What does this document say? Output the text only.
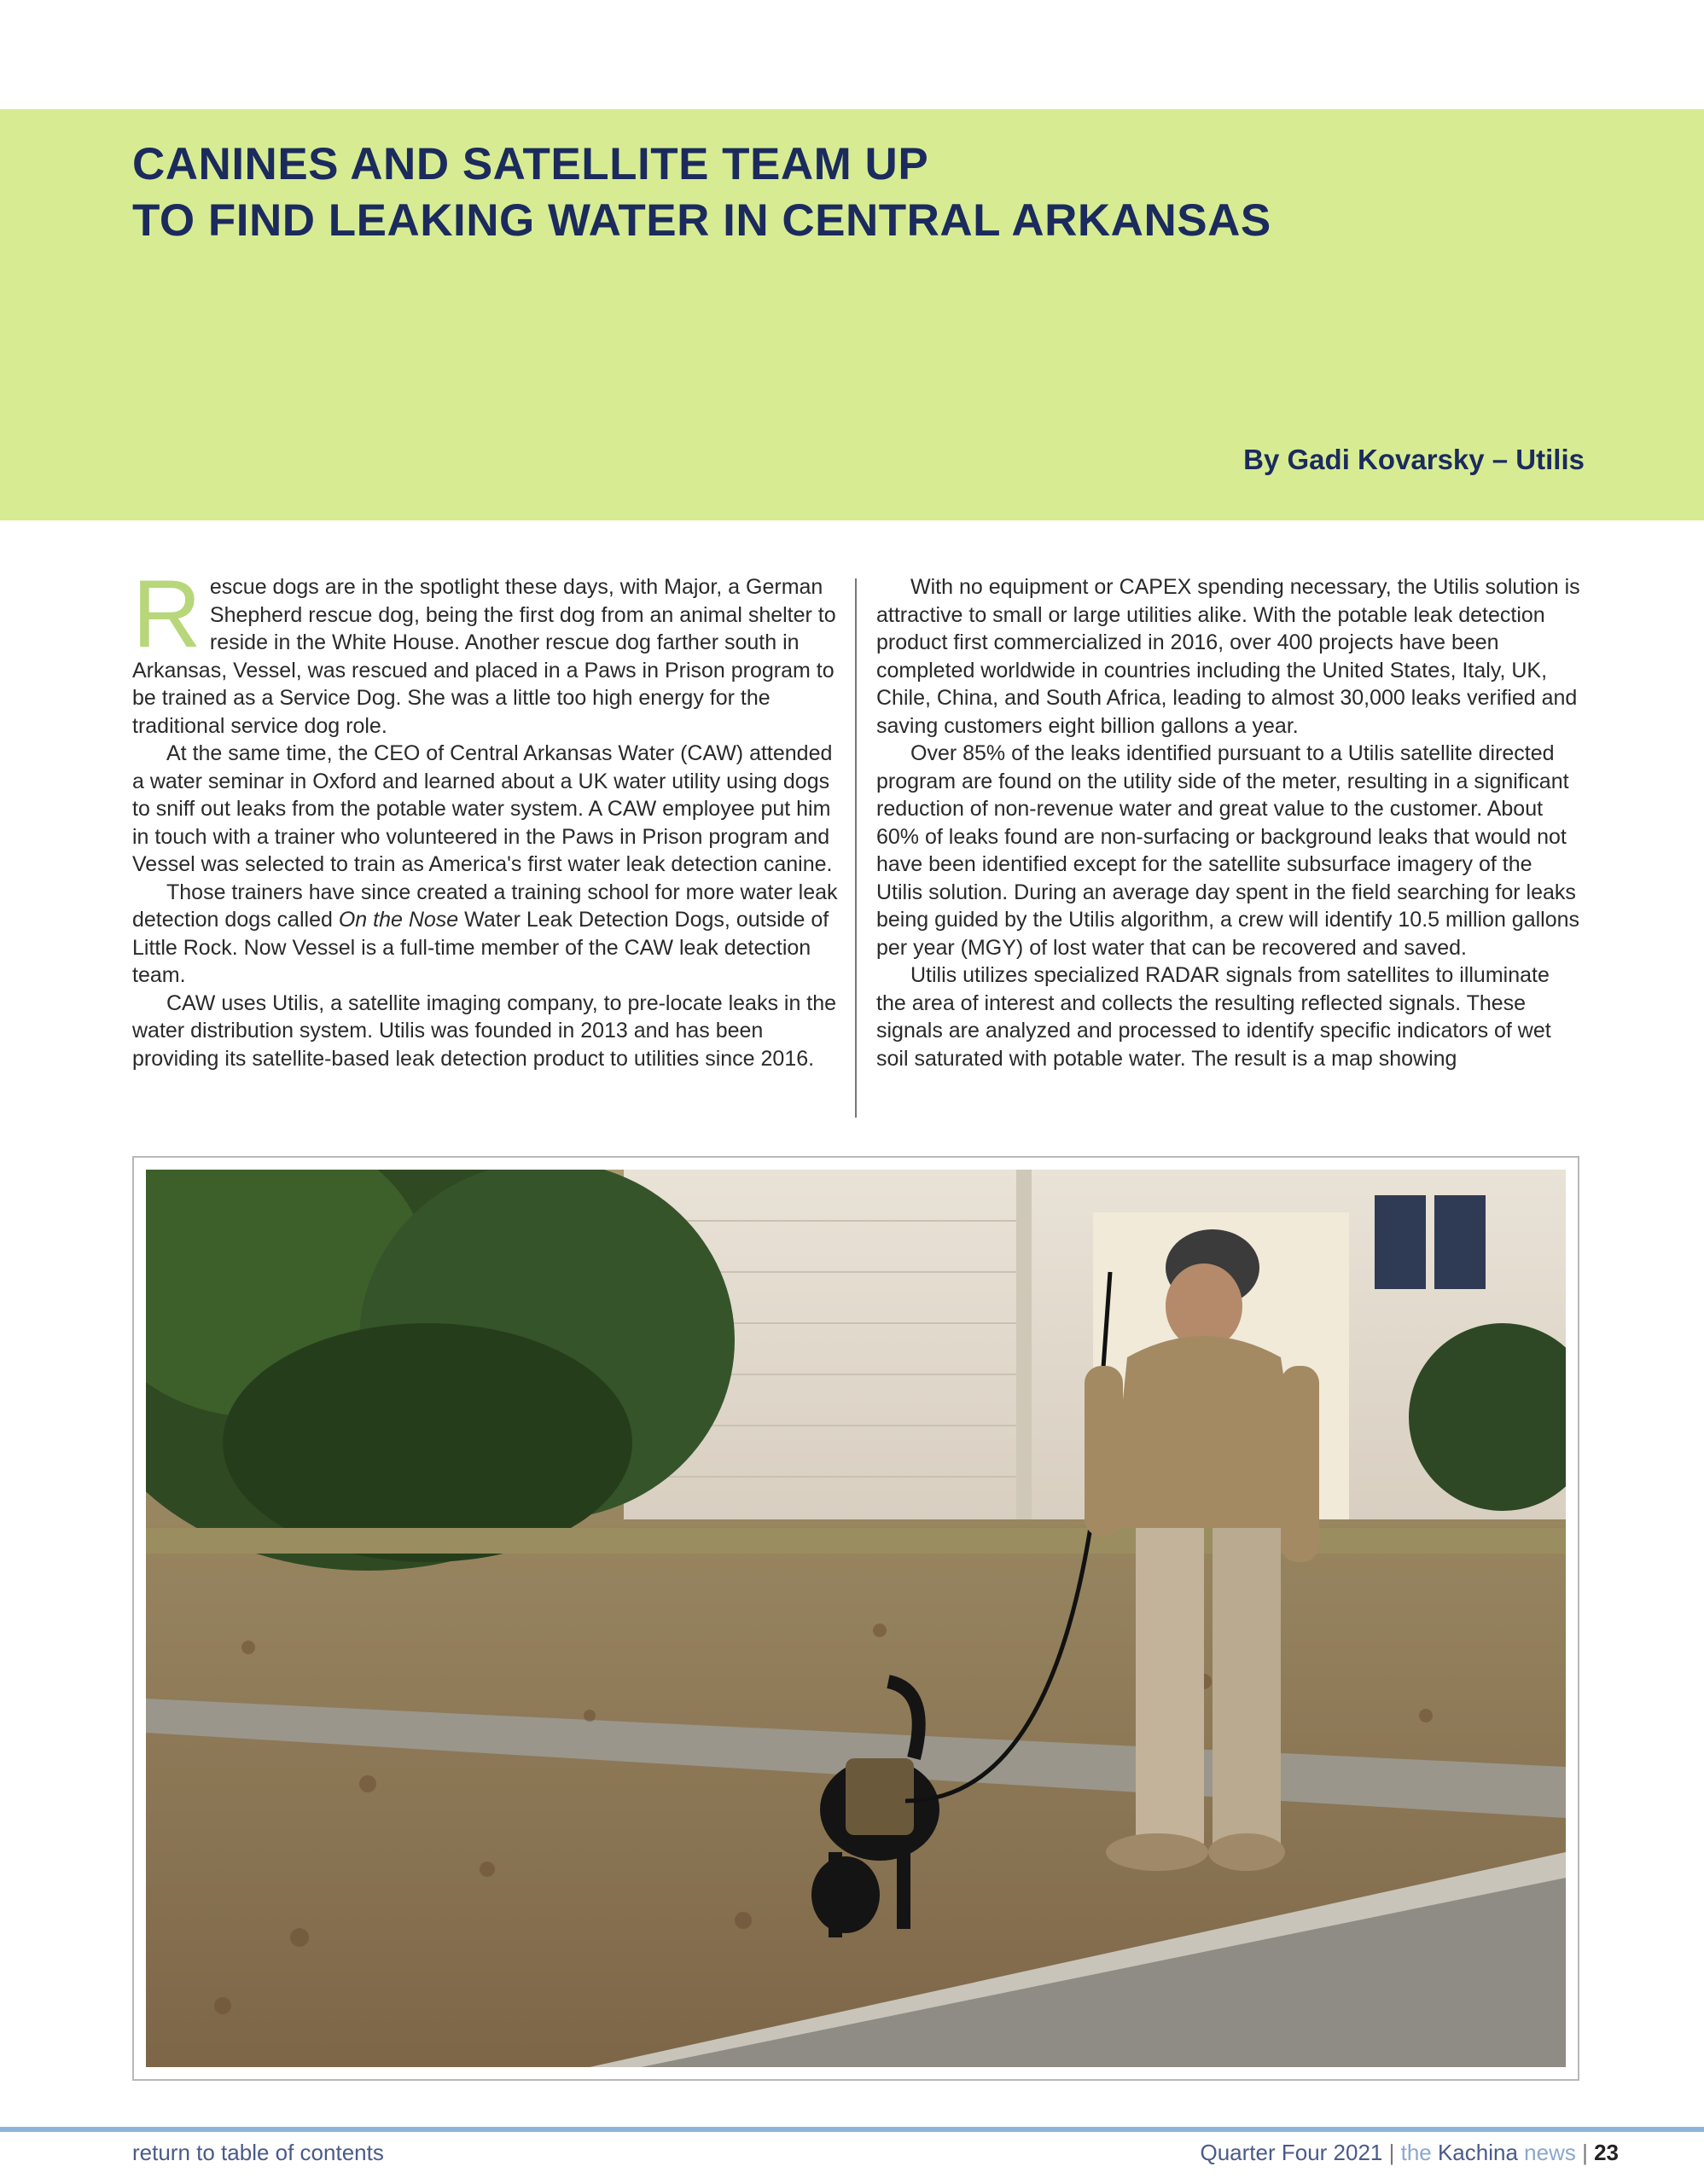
CANINES AND SATELLITE TEAM UP
TO FIND LEAKING WATER IN CENTRAL ARKANSAS
By Gadi Kovarsky – Utilis

Rescue dogs are in the spotlight these days, with Major, a German Shepherd rescue dog, being the first dog from an animal shelter to reside in the White House. Another rescue dog farther south in Arkansas, Vessel, was rescued and placed in a Paws in Prison program to be trained as a Service Dog. She was a little too high energy for the traditional service dog role.

At the same time, the CEO of Central Arkansas Water (CAW) attended a water seminar in Oxford and learned about a UK water utility using dogs to sniff out leaks from the potable water system. A CAW employee put him in touch with a trainer who volunteered in the Paws in Prison program and Vessel was selected to train as America's first water leak detection canine.

Those trainers have since created a training school for more water leak detection dogs called On the Nose Water Leak Detection Dogs, outside of Little Rock. Now Vessel is a full-time member of the CAW leak detection team.

CAW uses Utilis, a satellite imaging company, to pre-locate leaks in the water distribution system. Utilis was founded in 2013 and has been providing its satellite-based leak detection product to utilities since 2016.

With no equipment or CAPEX spending necessary, the Utilis solution is attractive to small or large utilities alike. With the potable leak detection product first commercialized in 2016, over 400 projects have been completed worldwide in countries including the United States, Italy, UK, Chile, China, and South Africa, leading to almost 30,000 leaks verified and saving customers eight billion gallons a year.

Over 85% of the leaks identified pursuant to a Utilis satellite directed program are found on the utility side of the meter, resulting in a significant reduction of non-revenue water and great value to the customer. About 60% of leaks found are non-surfacing or background leaks that would not have been identified except for the satellite subsurface imagery of the Utilis solution. During an average day spent in the field searching for leaks being guided by the Utilis algorithm, a crew will identify 10.5 million gallons per year (MGY) of lost water that can be recovered and saved.

Utilis utilizes specialized RADAR signals from satellites to illuminate the area of interest and collects the resulting reflected signals. These signals are analyzed and processed to identify specific indicators of wet soil saturated with potable water. The result is a map showing

return to table of contents	Quarter Four 2021 | the Kachina news | 23
